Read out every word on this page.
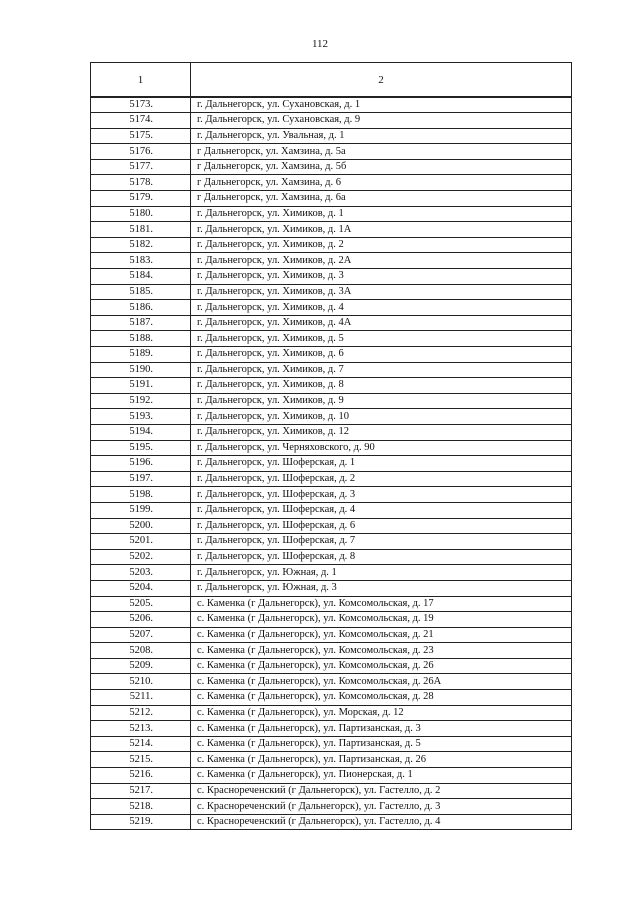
112
1	2
5173.	г. Дальнегорск, ул. Сухановская, д. 1
5174.	г. Дальнегорск, ул. Сухановская, д. 9
5175.	г. Дальнегорск, ул. Увальная, д. 1
5176.	г Дальнегорск, ул. Хамзина, д. 5а
5177.	г Дальнегорск, ул. Хамзина, д. 5б
5178.	г Дальнегорск, ул. Хамзина, д. 6
5179.	г Дальнегорск, ул. Хамзина, д. 6а
5180.	г. Дальнегорск, ул. Химиков, д. 1
5181.	г. Дальнегорск, ул. Химиков, д. 1А
5182.	г. Дальнегорск, ул. Химиков, д. 2
5183.	г. Дальнегорск, ул. Химиков, д. 2А
5184.	г. Дальнегорск, ул. Химиков, д. 3
5185.	г. Дальнегорск, ул. Химиков, д. 3А
5186.	г. Дальнегорск, ул. Химиков, д. 4
5187.	г. Дальнегорск, ул. Химиков, д. 4А
5188.	г. Дальнегорск, ул. Химиков, д. 5
5189.	г. Дальнегорск, ул. Химиков, д. 6
5190.	г. Дальнегорск, ул. Химиков, д. 7
5191.	г. Дальнегорск, ул. Химиков, д. 8
5192.	г. Дальнегорск, ул. Химиков, д. 9
5193.	г. Дальнегорск, ул. Химиков, д. 10
5194.	г. Дальнегорск, ул. Химиков, д. 12
5195.	г. Дальнегорск, ул. Черняховского, д. 90
5196.	г. Дальнегорск, ул. Шоферская, д. 1
5197.	г. Дальнегорск, ул. Шоферская, д. 2
5198.	г. Дальнегорск, ул. Шоферская, д. 3
5199.	г. Дальнегорск, ул. Шоферская, д. 4
5200.	г. Дальнегорск, ул. Шоферская, д. 6
5201.	г. Дальнегорск, ул. Шоферская, д. 7
5202.	г. Дальнегорск, ул. Шоферская, д. 8
5203.	г. Дальнегорск, ул. Южная, д. 1
5204.	г. Дальнегорск, ул. Южная, д. 3
5205.	с. Каменка (г Дальнегорск), ул. Комсомольская, д. 17
5206.	с. Каменка (г Дальнегорск), ул. Комсомольская, д. 19
5207.	с. Каменка (г Дальнегорск), ул. Комсомольская, д. 21
5208.	с. Каменка (г Дальнегорск), ул. Комсомольская, д. 23
5209.	с. Каменка (г Дальнегорск), ул. Комсомольская, д. 26
5210.	с. Каменка (г Дальнегорск), ул. Комсомольская, д. 26А
5211.	с. Каменка (г Дальнегорск), ул. Комсомольская, д. 28
5212.	с. Каменка (г Дальнегорск), ул. Морская, д. 12
5213.	с. Каменка (г Дальнегорск), ул. Партизанская, д. 3
5214.	с. Каменка (г Дальнегорск), ул. Партизанская, д. 5
5215.	с. Каменка (г Дальнегорск), ул. Партизанская, д. 26
5216.	с. Каменка (г Дальнегорск), ул. Пионерская, д. 1
5217.	с. Краснореченский (г Дальнегорск), ул. Гастелло, д. 2
5218.	с. Краснореченский (г Дальнегорск), ул. Гастелло, д. 3
5219.	с. Краснореченский (г Дальнегорск), ул. Гастелло, д. 4
